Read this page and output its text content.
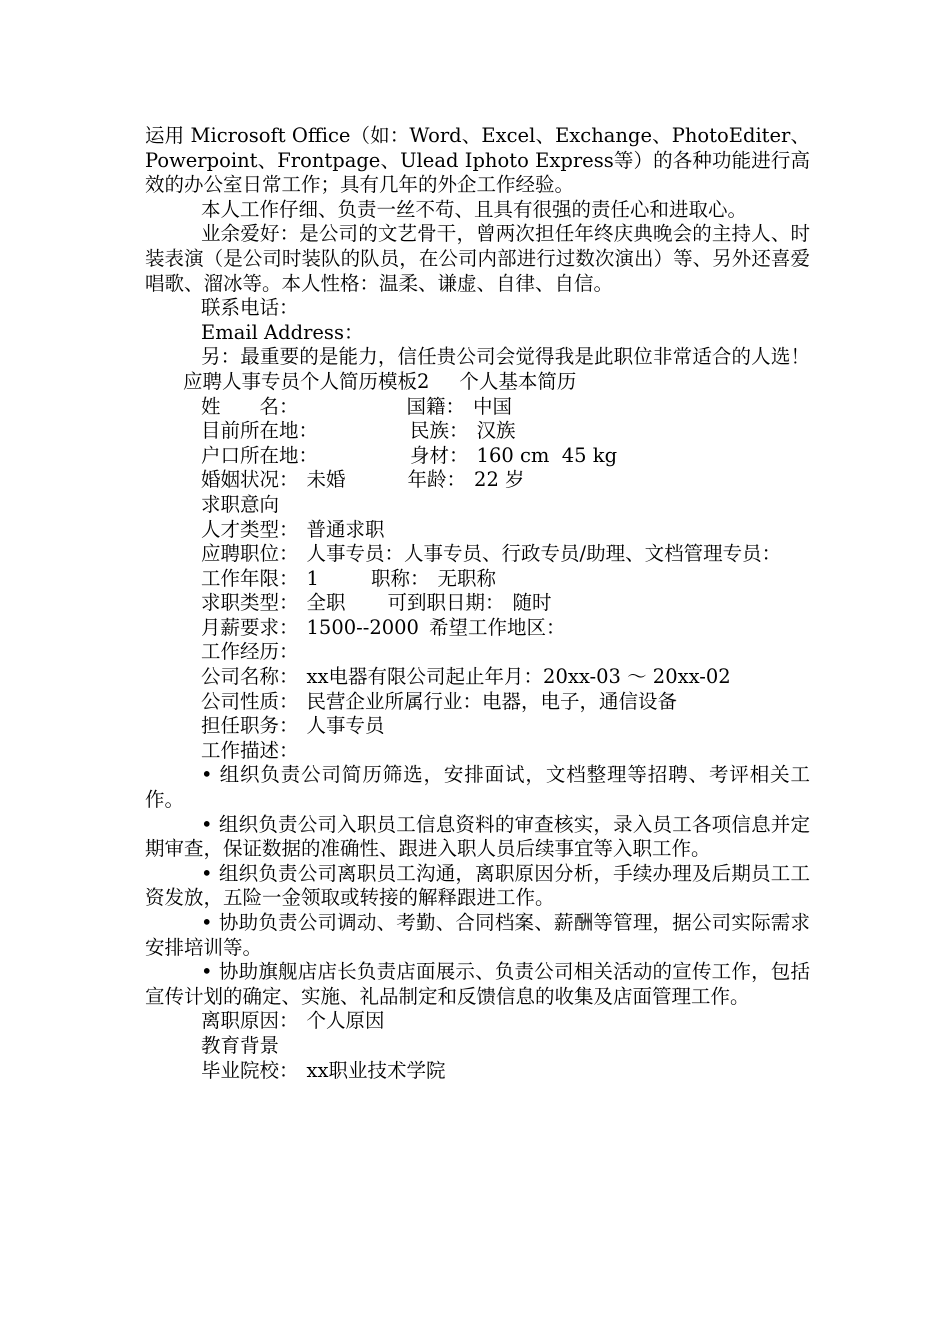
运用 Microsoft Office（如：Word、Excel、Exchange、PhotoEditer、Powerpoint、Frontpage、Ulead Iphoto Express等）的各种功能进行高效的办公室日常工作；具有几年的外企工作经验。

本人工作仔细、负责一丝不苟、且具有很强的责任心和进取心。

业余爱好：是公司的文艺骨干，曾两次担任年终庆典晚会的主持人、时装表演（是公司时装队的队员，在公司内部进行过数次演出）等、另外还喜爱唱歌、溜冰等。本人性格：温柔、谦虚、自律、自信。

联系电话：

Email Address：

另：最重要的是能力，信任贵公司会觉得我是此职位非常适合的人选！应聘人事专员个人简历模板2 个人基本简历

姓　　名：	国籍： 中国

目前所在地：	民族： 汉族

户口所在地：	身材： 160 cm  45 kg

婚姻状况： 未婚	年龄： 22 岁

求职意向

人才类型： 普通求职

应聘职位： 人事专员：人事专员、行政专员/助理、文档管理专员：

工作年限： 1	职称： 无职称

求职类型： 全职 可到职日期： 随时

月薪要求： 1500--2000 希望工作地区：

工作经历：

公司名称： xx电器有限公司起止年月：20xx-03 ～ 20xx-02

公司性质： 民营企业所属行业：电器，电子，通信设备

担任职务： 人事专员

工作描述：

• 组织负责公司简历筛选，安排面试，文档整理等招聘、考评相关工作。

• 组织负责公司入职员工信息资料的审查核实，录入员工各项信息并定期审查，保证数据的准确性、跟进入职人员后续事宜等入职工作。

• 组织负责公司离职员工沟通，离职原因分析，手续办理及后期员工工资发放，五险一金领取或转接的解释跟进工作。

• 协助负责公司调动、考勤、合同档案、薪酬等管理，据公司实际需求安排培训等。

• 协助旗舰店店长负责店面展示、负责公司相关活动的宣传工作，包括宣传计划的确定、实施、礼品制定和反馈信息的收集及店面管理工作。

离职原因： 个人原因

教育背景

毕业院校： xx职业技术学院
